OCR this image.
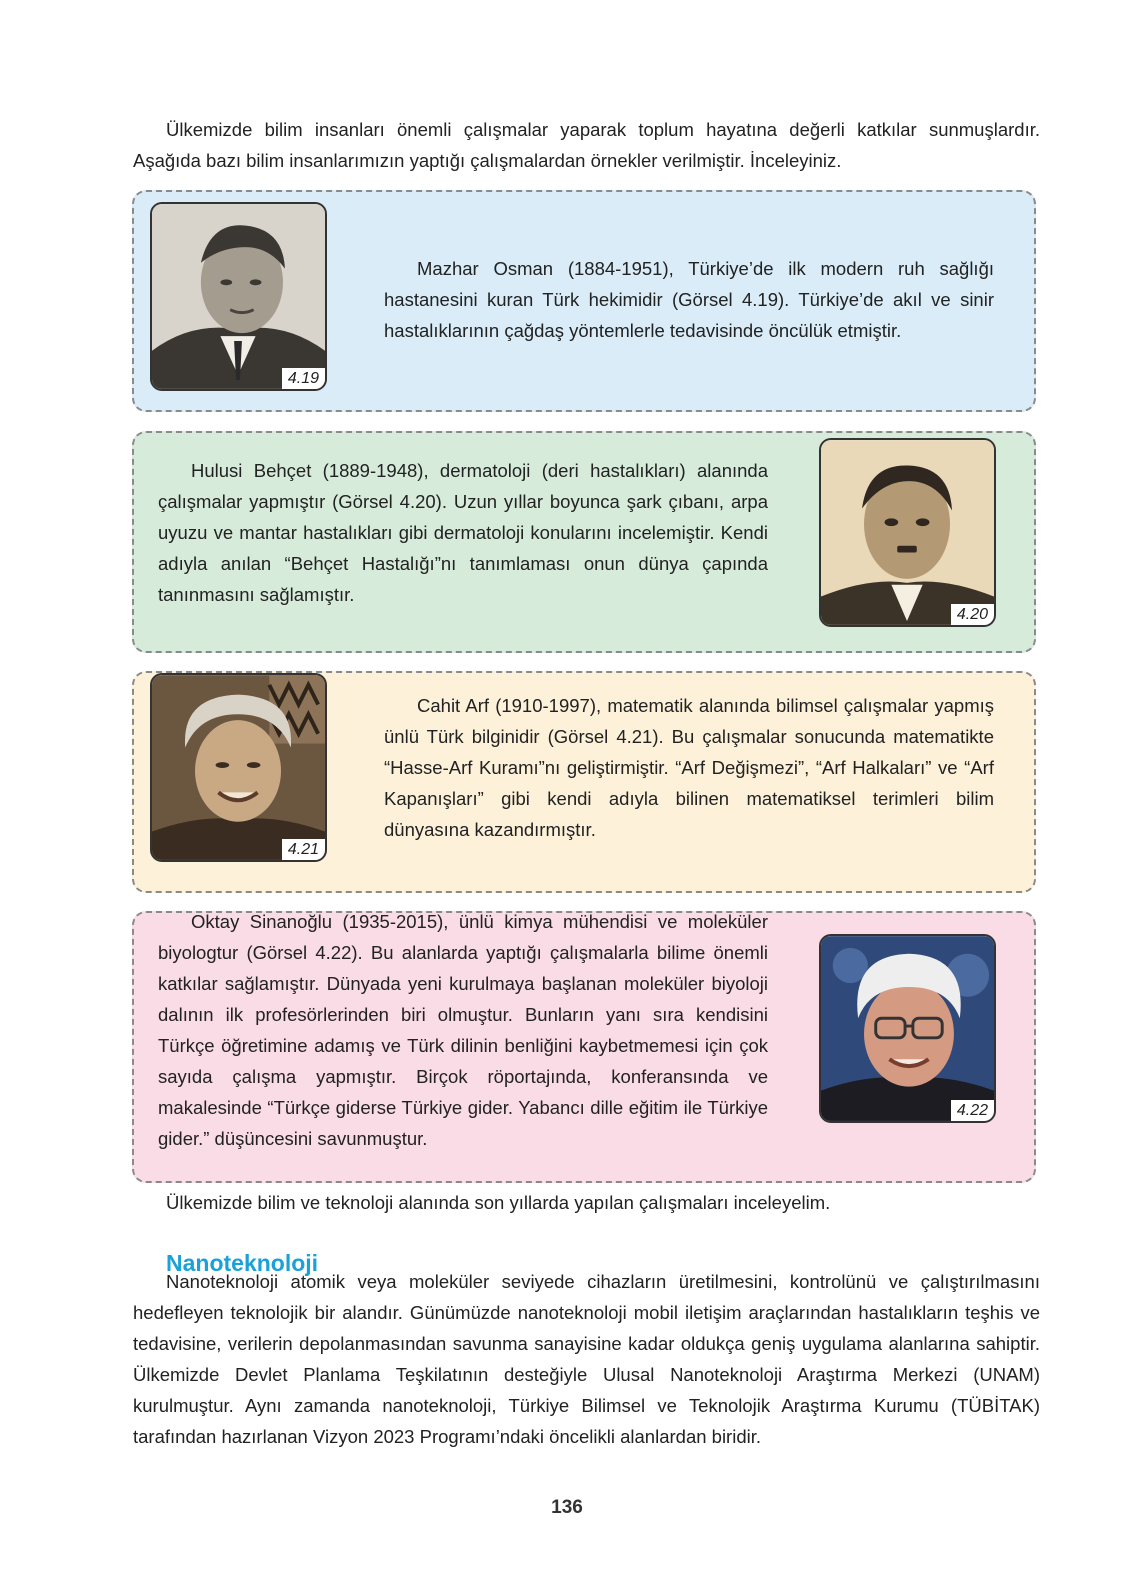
Ülkemizde bilim insanları önemli çalışmalar yaparak toplum hayatına değerli katkılar sunmuşlardır. Aşağıda bazı bilim insanlarımızın yaptığı çalışmalardan örnekler verilmiştir. İnceleyiniz.

4.19

Mazhar Osman (1884-1951), Türkiye’de ilk modern ruh sağlığı hastanesini kuran Türk hekimidir (Görsel 4.19). Türkiye’de akıl ve sinir hastalıklarının çağdaş yöntemlerle tedavisinde öncülük etmiştir.

Hulusi Behçet (1889-1948), dermatoloji (deri hastalıkları) alanında çalışmalar yapmıştır (Görsel 4.20). Uzun yıllar boyunca şark çıbanı, arpa uyuzu ve mantar hastalıkları gibi dermatoloji konularını incelemiştir. Kendi adıyla anılan “Behçet Hastalığı”nı tanımlaması onun dünya çapında tanınmasını sağlamıştır.

4.20
4.21

Cahit Arf (1910-1997), matematik alanında bilimsel çalışmalar yapmış ünlü Türk bilginidir (Görsel 4.21). Bu çalışmalar sonucunda matematikte “Hasse-Arf Kuramı”nı geliştirmiştir. “Arf Değişmezi”, “Arf Halkaları” ve “Arf Kapanışları” gibi kendi adıyla bilinen matematiksel terimleri bilim dünyasına kazandırmıştır.

Oktay Sinanoğlu (1935-2015), ünlü kimya mühendisi ve moleküler biyologtur (Görsel 4.22). Bu alanlarda yaptığı çalışmalarla bilime önemli katkılar sağlamıştır. Dünyada yeni kurulmaya başlanan moleküler biyoloji dalının ilk profesörlerinden biri olmuştur. Bunların yanı sıra kendisini Türkçe öğretimine adamış ve Türk dilinin benliğini kaybetmemesi için çok sayıda çalışma yapmıştır. Birçok röportajında, konferansında ve makalesinde “Türkçe giderse Türkiye gider. Yabancı dille eğitim ile Türkiye gider.” düşüncesini savunmuştur.

4.22

Ülkemizde bilim ve teknoloji alanında son yıllarda yapılan çalışmaları inceleyelim.

Nanoteknoloji

Nanoteknoloji atomik veya moleküler seviyede cihazların üretilmesini, kontrolünü ve çalıştırılmasını hedefleyen teknolojik bir alandır. Günümüzde nanoteknoloji mobil iletişim araçlarından hastalıkların teşhis ve tedavisine, verilerin depolanmasından savunma sanayisine kadar oldukça geniş uygulama alanlarına sahiptir. Ülkemizde Devlet Planlama Teşkilatının desteğiyle Ulusal Nanoteknoloji Araştırma Merkezi (UNAM) kurulmuştur. Aynı zamanda nanoteknoloji, Türkiye Bilimsel ve Teknolojik Araştırma Kurumu (TÜBİTAK) tarafından hazırlanan Vizyon 2023 Programı’ndaki öncelikli alanlardan biridir.

136
